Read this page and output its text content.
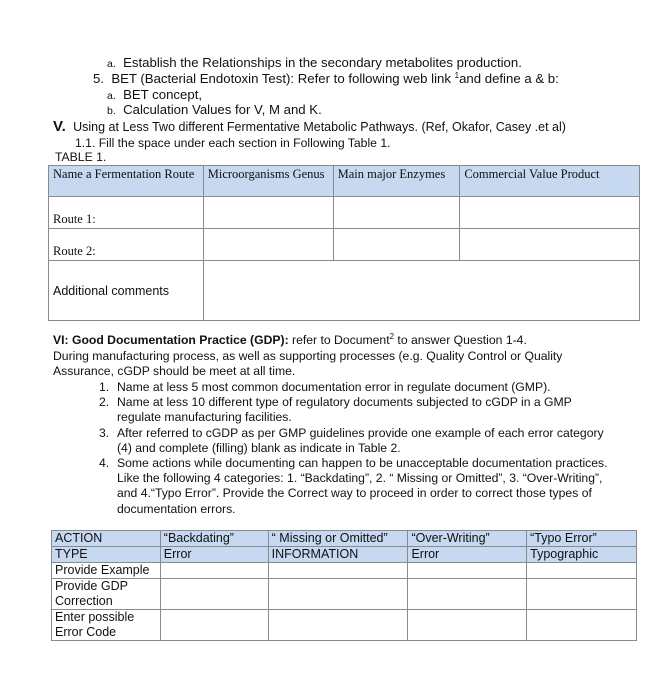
a. Establish the Relationships in the secondary metabolites production.
5. BET (Bacterial Endotoxin Test): Refer to following web link $^1$and define a & b:
a. BET concept,
b. Calculation Values for V, M and K.
V. Using at Less Two different Fermentative Metabolic Pathways. (Ref, Okafor, Casey .et al)
1.1. Fill the space under each section in Following Table 1.
TABLE 1.
Name a Fermentation Route	Microorganisms Genus	Main major Enzymes	Commercial Value Product
Route 1:			
Route 2:			
Additional comments			
VI: Good Documentation Practice (GDP): refer to Document$^2$ to answer Question 1-4.
During manufacturing process, as well as supporting processes (e.g. Quality Control or Quality
Assurance, cGDP should be meet at all time.
1. Name at less 5 most common documentation error in regulate document (GMP).
2. Name at less 10 different type of regulatory documents subjected to cGDP in a GMP
regulate manufacturing facilities.
3. After referred to cGDP as per GMP guidelines provide one example of each error category
(4) and complete (filling) blank as indicate in Table 2.
4. Some actions while documenting can happen to be unacceptable documentation practices.
Like the following 4 categories: 1. “Backdating”, 2. “ Missing or Omitted”, 3. “Over-Writing”,
and 4.“Typo Error”. Provide the Correct way to proceed in order to correct those types of
documentation errors.
ACTION	“Backdating”	“ Missing or Omitted”	“Over-Writing”	“Typo Error”
TYPE	Error	INFORMATION	Error	Typographic
Provide Example				
Provide GDP Correction				
Enter possible Error Code				
